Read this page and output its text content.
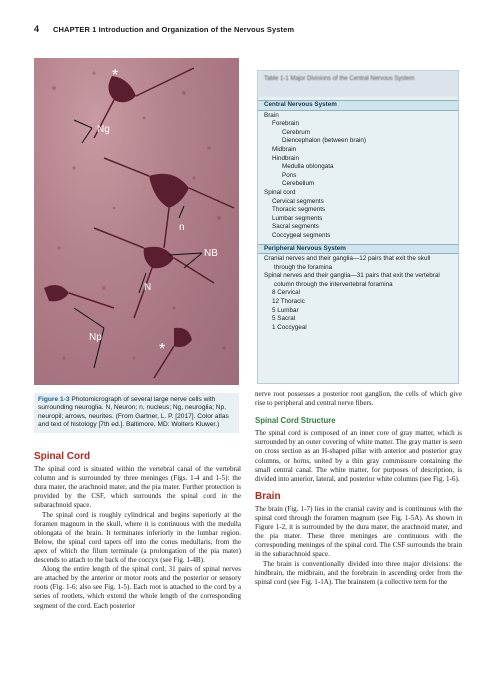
4 CHAPTER 1 Introduction and Organization of the Nervous System
*
Ng
n
NB
N
Np
*
Table 1-1 Major Divisions of the Central Nervous System
Central Nervous System
Brain
Forebrain
Cerebrum
Diencephalon (between brain)
Midbrain
Hindbrain
Medulla oblongata
Pons
Cerebellum
Spinal cord
Cervical segments
Thoracic segments
Lumbar segments
Sacral segments
Coccygeal segments
Peripheral Nervous System
Cranial nerves and their ganglia—12 pairs that exit the skull through the foramina
Spinal nerves and their ganglia—31 pairs that exit the vertebral column through the intervertebral foramina
8 Cervical
12 Thoracic
5 Lumbar
5 Sacral
1 Coccygeal
Figure 1-3 Photomicrograph of several large nerve cells with surrounding neuroglia. N, Neuron; n, nucleus; Ng, neuroglia; Np, neuropil; arrows, neurites. (From Gartner, L. P. [2017]. Color atlas and text of histology [7th ed.]. Baltimore, MD: Wolters Kluwer.)
Spinal Cord

The spinal cord is situated within the vertebral canal of the vertebral column and is surrounded by three meninges (Figs. 1-4 and 1-5): the dura mater, the arachnoid mater, and the pia mater. Further protection is provided by the CSF, which surrounds the spinal cord in the subarachnoid space.

The spinal cord is roughly cylindrical and begins superiorly at the foramen magnum in the skull, where it is continuous with the medulla oblongata of the brain. It terminates inferiorly in the lumbar region. Below, the spinal cord tapers off into the conus medullaris, from the apex of which the filum terminale (a prolongation of the pia mater) descends to attach to the back of the coccyx (see Fig. 1-4B).

Along the entire length of the spinal cord, 31 pairs of spinal nerves are attached by the anterior or motor roots and the posterior or sensory roots (Fig. 1-6; also see Fig. 1-5). Each root is attached to the cord by a series of rootlets, which extend the whole length of the corresponding segment of the cord. Each posterior

nerve root possesses a posterior root ganglion, the cells of which give rise to peripheral and central nerve fibers.

Spinal Cord Structure

The spinal cord is composed of an inner core of gray matter, which is surrounded by an outer covering of white matter. The gray matter is seen on cross section as an H-shaped pillar with anterior and posterior gray columns, or horns, united by a thin gray commissure containing the small central canal. The white matter, for purposes of description, is divided into anterior, lateral, and posterior white columns (see Fig. 1-6).

Brain

The brain (Fig. 1-7) lies in the cranial cavity and is continuous with the spinal cord through the foramen magnum (see Fig. 1-5A). As shown in Figure 1-2, it is surrounded by the dura mater, the arachnoid mater, and the pia mater. These three meninges are continuous with the corresponding meninges of the spinal cord. The CSF surrounds the brain in the subarachnoid space.

The brain is conventionally divided into three major divisions: the hindbrain, the midbrain, and the forebrain in ascending order from the spinal cord (see Fig. 1-1A). The brainstem (a collective term for the
